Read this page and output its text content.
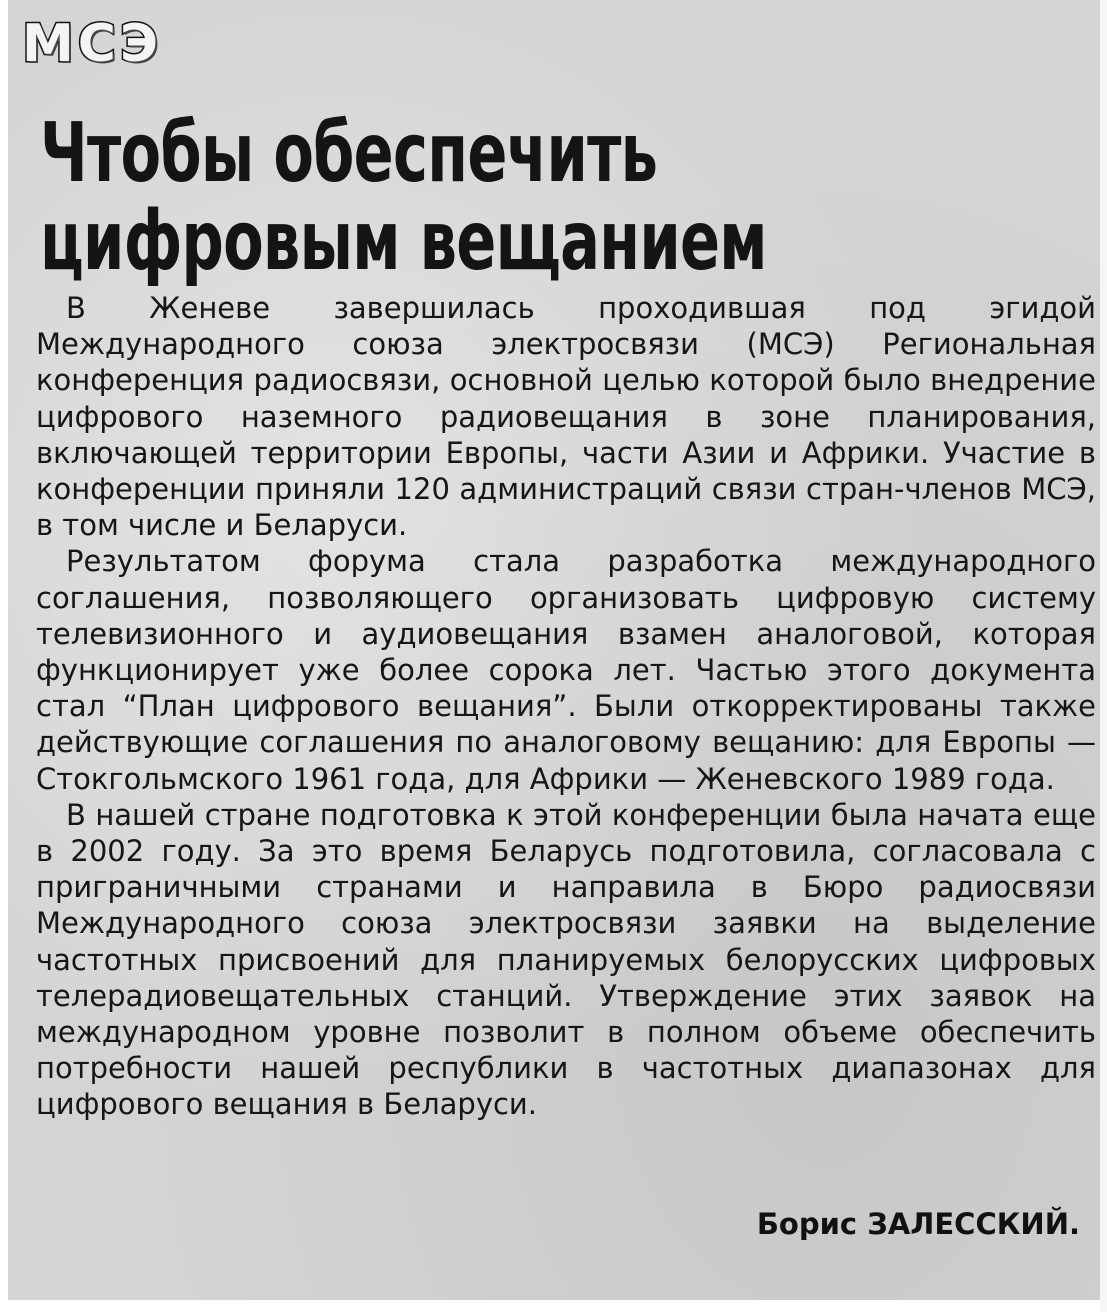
МСЭ
Чтобы обеспечить
цифровым вещанием

В Женеве завершилась проходившая под эгидой Международного союза электросвязи (МСЭ) Региональная конференция радиосвязи, основной целью которой было внедрение цифрового наземного радиовещания в зоне планирования, включающей территории Европы, части Азии и Африки. Участие в конференции приняли 120 администраций связи стран-членов МСЭ, в том числе и Беларуси.

Результатом форума стала разработка международного соглашения, позволяющего организовать цифровую систему телевизионного и аудиовещания взамен аналоговой, которая функционирует уже более сорока лет. Частью этого документа стал “План цифрового вещания”. Были откорректированы также действующие соглашения по аналоговому вещанию: для Европы — Стокгольмского 1961 года, для Африки — Женевского 1989 года.

В нашей стране подготовка к этой конференции была начата еще в 2002 году. За это время Беларусь подготовила, согласовала с приграничными странами и направила в Бюро радиосвязи Международного союза электросвязи заявки на выделение частотных присвоений для планируемых белорусских цифровых телерадиовещательных станций. Утверждение этих заявок на международном уровне позволит в полном объеме обеспечить потребности нашей республики в частотных диапазонах для цифрового вещания в Беларуси.

Борис ЗАЛЕССКИЙ.
